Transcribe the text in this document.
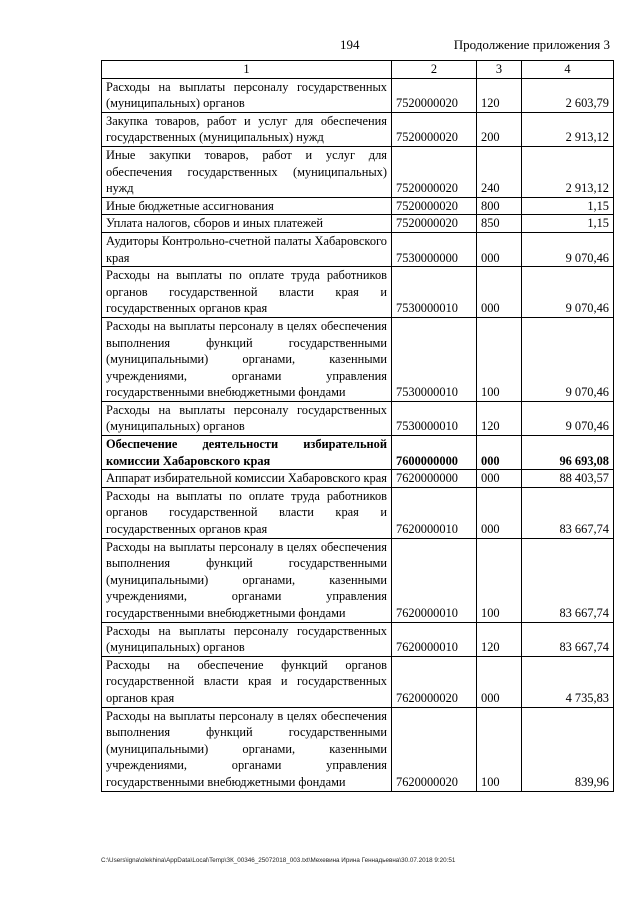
194	Продолжение приложения 3
1	2	3	4
Расходы на выплаты персоналу государственных (муниципальных) органов	7520000020	120	2 603,79
Закупка товаров, работ и услуг для обеспечения государственных (муниципальных) нужд	7520000020	200	2 913,12
Иные закупки товаров, работ и услуг для обеспечения государственных (муниципальных) нужд	7520000020	240	2 913,12
Иные бюджетные ассигнования	7520000020	800	1,15
Уплата налогов, сборов и иных платежей	7520000020	850	1,15
Аудиторы Контрольно-счетной палаты Хабаровского края	7530000000	000	9 070,46
Расходы на выплаты по оплате труда работников органов государственной власти края и государственных органов края	7530000010	000	9 070,46
Расходы на выплаты персоналу в целях обеспечения выполнения функций государственными (муниципальными) органами, казенными учреждениями, органами управления государственными внебюджетными фондами	7530000010	100	9 070,46
Расходы на выплаты персоналу государственных (муниципальных) органов	7530000010	120	9 070,46
Обеспечение деятельности избирательной комиссии Хабаровского края	7600000000	000	96 693,08
Аппарат избирательной комиссии Хабаровского края	7620000000	000	88 403,57
Расходы на выплаты по оплате труда работников органов государственной власти края и государственных органов края	7620000010	000	83 667,74
Расходы на выплаты персоналу в целях обеспечения выполнения функций государственными (муниципальными) органами, казенными учреждениями, органами управления государственными внебюджетными фондами	7620000010	100	83 667,74
Расходы на выплаты персоналу государственных (муниципальных) органов	7620000010	120	83 667,74
Расходы на обеспечение функций органов государственной власти края и государственных органов края	7620000020	000	4 735,83
Расходы на выплаты персоналу в целях обеспечения выполнения функций государственными (муниципальными) органами, казенными учреждениями, органами управления государственными внебюджетными фондами	7620000020	100	839,96
C:\Users\igna\olekhina\AppData\Local\Temp\ЗК_00346_25072018_003.txt\Мехевина Ирина Геннадьевна\30.07.2018 9:20:51
